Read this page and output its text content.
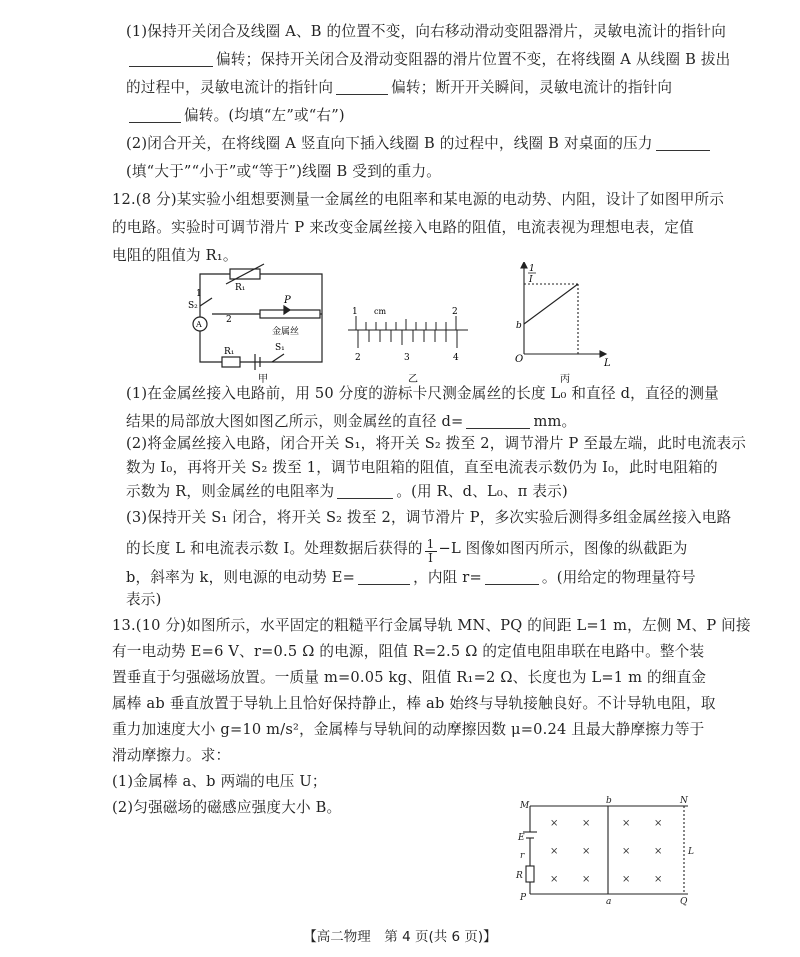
(1)保持开关闭合及线圈 A、B 的位置不变，向右移动滑动变阻器滑片，灵敏电流计的指针向
偏转；保持开关闭合及滑动变阻器的滑片位置不变，在将线圈 A 从线圈 B 拔出
的过程中，灵敏电流计的指针向	偏转；断开开关瞬间，灵敏电流计的指针向
偏转。(均填“左”或“右”)
(2)闭合开关，在将线圈 A 竖直向下插入线圈 B 的过程中，线圈 B 对桌面的压力
(填“大于”“小于”或“等于”)线圈 B 受到的重力。
12.(8 分)某实验小组想要测量一金属丝的电阻率和某电源的电动势、内阻，设计了如图甲所示
的电路。实验时可调节滑片 P 来改变金属丝接入电路的阻值，电流表视为理想电表，定值
电阻的阻值为 R₁。
R₁
1
S₂
A	2
P
金属丝
R₁	S₁
甲
1 cm	2
2	3	4
乙
1
I
b
O	L
丙
(1)在金属丝接入电路前，用 50 分度的游标卡尺测金属丝的长度 L₀ 和直径 d，直径的测量
结果的局部放大图如图乙所示，则金属丝的直径 d=	mm。
(2)将金属丝接入电路，闭合开关 S₁，将开关 S₂ 拨至 2，调节滑片 P 至最左端，此时电流表示
数为 I₀，再将开关 S₂ 拨至 1，调节电阻箱的阻值，直至电流表示数仍为 I₀，此时电阻箱的
示数为 R，则金属丝的电阻率为	。(用 R、d、L₀、π 表示)
(3)保持开关 S₁ 闭合，将开关 S₂ 拨至 2，调节滑片 P，多次实验后测得多组金属丝接入电路
的长度 L 和电流表示数 I。处理数据后获得的 $\frac{1}{I} -L$ 图像如图丙所示，图像的纵截距为
b，斜率为 k，则电源的电动势 E=	，内阻 r=	。(用给定的物理量符号
表示)
13.(10 分)如图所示，水平固定的粗糙平行金属导轨 MN、PQ 的间距 L=1 m，左侧 M、P 间接
有一电动势 E=6 V、r=0.5 Ω 的电源，阻值 R=2.5 Ω 的定值电阻串联在电路中。整个装
置垂直于匀强磁场放置。一质量 m=0.05 kg、阻值 R₁=2 Ω、长度也为 L=1 m 的细直金
属棒 ab 垂直放置于导轨上且恰好保持静止，棒 ab 始终与导轨接触良好。不计导轨电阻，取
重力加速度大小 g=10 m/s²，金属棒与导轨间的动摩擦因数 μ=0.24 且最大静摩擦力等于
滑动摩擦力。求：
(1)金属棒 a、b 两端的电压 U；
(2)匀强磁场的磁感应强度大小 B。
× ×	× ×
× ×	× ×
× ×	× ×
M	b	N
E
r
R
L
P	a	Q
【高二物理　第 4 页(共 6 页)】
